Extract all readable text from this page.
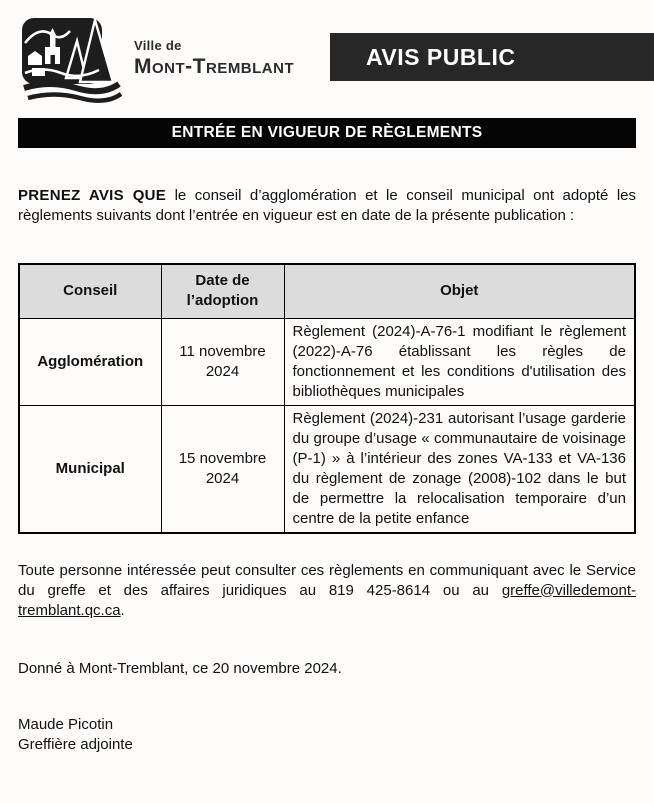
Ville de
Mont-Tremblant	AVIS PUBLIC
ENTRÉE EN VIGUEUR DE RÈGLEMENTS

PRENEZ AVIS QUE le conseil d’agglomération et le conseil municipal ont adopté les règlements suivants dont l’entrée en vigueur est en date de la présente publication :

Conseil	Date de l’adoption	Objet
Agglomération	11 novembre 2024	Règlement (2024)-A-76-1 modifiant le règlement (2022)-A-76 établissant les règles de fonctionnement et les conditions d'utilisation des bibliothèques municipales
Municipal	15 novembre 2024	Règlement (2024)-231 autorisant l’usage garderie du groupe d’usage « communautaire de voisinage (P-1) » à l’intérieur des zones VA-133 et VA-136 du règlement de zonage (2008)-102 dans le but de permettre la relocalisation temporaire d’un centre de la petite enfance

Toute personne intéressée peut consulter ces règlements en communiquant avec le Service du greffe et des affaires juridiques au 819 425-8614 ou au greffe@villedemont-tremblant.qc.ca.

Donné à Mont-Tremblant, ce 20 novembre 2024.

Maude Picotin
Greffière adjointe
